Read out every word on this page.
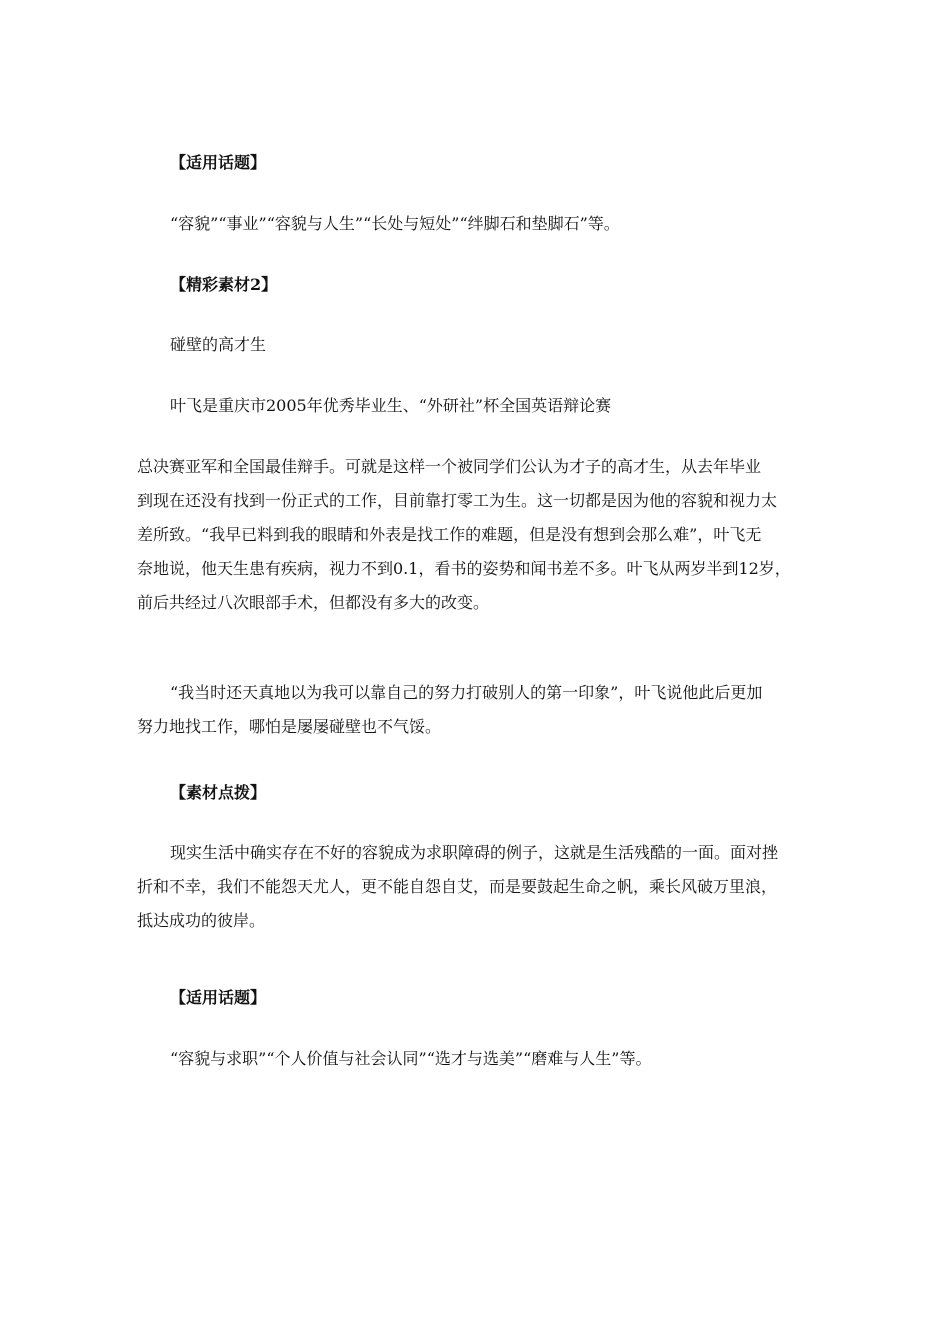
【适用话题】

“容貌”“事业”“容貌与人生”“长处与短处”“绊脚石和垫脚石”等。

【精彩素材2】

碰壁的高才生

叶飞是重庆市2005年优秀毕业生、“外研社”杯全国英语辩论赛

总决赛亚军和全国最佳辩手。可就是这样一个被同学们公认为才子的高才生，从去年毕业
到现在还没有找到一份正式的工作，目前靠打零工为生。这一切都是因为他的容貌和视力太
差所致。“我早已料到我的眼睛和外表是找工作的难题，但是没有想到会那么难”，叶飞无
奈地说，他天生患有疾病，视力不到0.1，看书的姿势和闻书差不多。叶飞从两岁半到12岁，
前后共经过八次眼部手术，但都没有多大的改变。
“我当时还天真地以为我可以靠自己的努力打破别人的第一印象”，叶飞说他此后更加
努力地找工作，哪怕是屡屡碰壁也不气馁。

【素材点拨】

现实生活中确实存在不好的容貌成为求职障碍的例子，这就是生活残酷的一面。面对挫
折和不幸，我们不能怨天尤人，更不能自怨自艾，而是要鼓起生命之帆，乘长风破万里浪，
抵达成功的彼岸。

【适用话题】

“容貌与求职”“个人价值与社会认同”“选才与选美”“磨难与人生”等。
